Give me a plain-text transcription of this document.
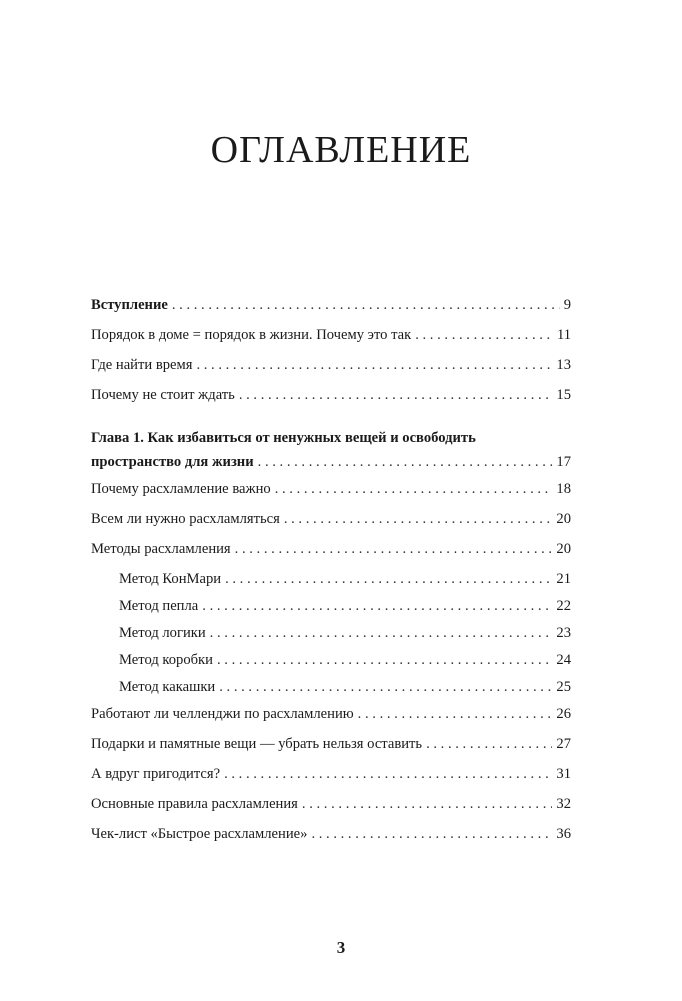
ОГЛАВЛЕНИЕ
Вступление . . .	9
Порядок в доме = порядок в жизни. Почему это так . . .	11
Где найти время . . .	13
Почему не стоит ждать . . .	15
Глава 1. Как избавиться от ненужных вещей и освободить
пространство для жизни . . .	17
Почему расхламление важно . . .	18
Всем ли нужно расхламляться . . .	20
Методы расхламления . . .	20
Метод КонМари . . .	21
Метод пепла . . .	22
Метод логики . . .	23
Метод коробки . . .	24
Метод какашки . . .	25
Работают ли челленджи по расхламлению . . .	26
Подарки и памятные вещи — убрать нельзя оставить . . .	27
А вдруг пригодится? . . .	31
Основные правила расхламления . . .	32
Чек-лист «Быстрое расхламление» . . .	36
3
